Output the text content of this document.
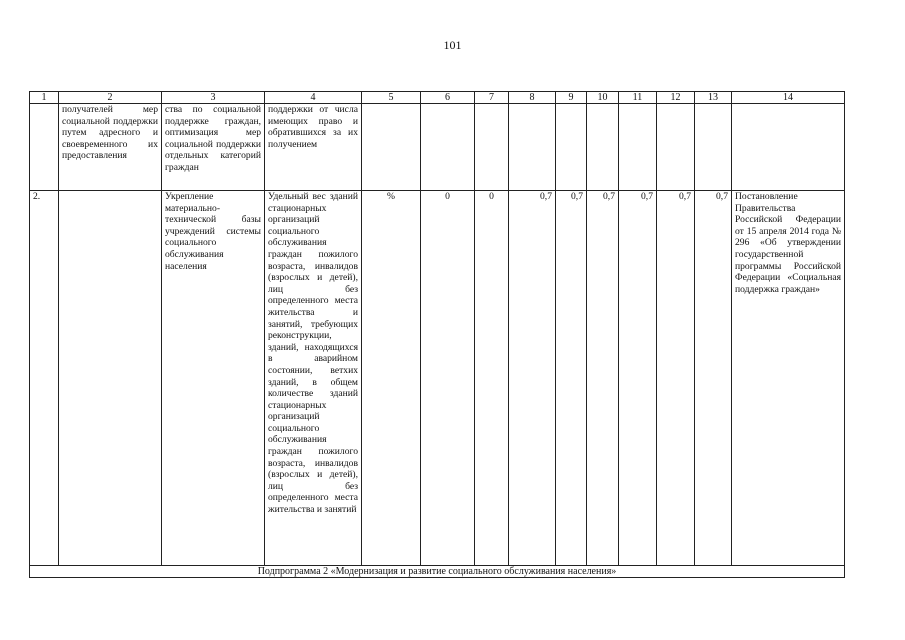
101
1	2	3	4	5	6	7	8	9	10	11	12	13	14
	получателей мер социальной поддержки путем адресного и своевременного их предоставления	ства по социальной поддержке граждан, оптимизация мер социальной поддержки отдельных категорий граждан	поддержки от числа имеющих право и обратившихся за их получением										
2.		Укрепление материально-технической базы учреждений системы социального обслуживания населения	Удельный вес зданий стационарных организаций социального обслуживания граждан пожилого возраста, инвалидов (взрослых и детей), лиц без определенного места жительства и занятий, требующих реконструкции, зданий, находящихся в аварийном состоянии, ветхих зданий, в общем количестве зданий стационарных организаций социального обслуживания граждан пожилого возраста, инвалидов (взрослых и детей), лиц без определенного места жительства и занятий	%	0	0	0,7	0,7	0,7	0,7	0,7	0,7	Постановление Правительства Российской Федерации от 15 апреля 2014 года № 296 «Об утверждении государственной программы Российской Федерации «Социальная поддержка граждан»
Подпрограмма 2 «Модернизация и развитие социального обслуживания населения»													
